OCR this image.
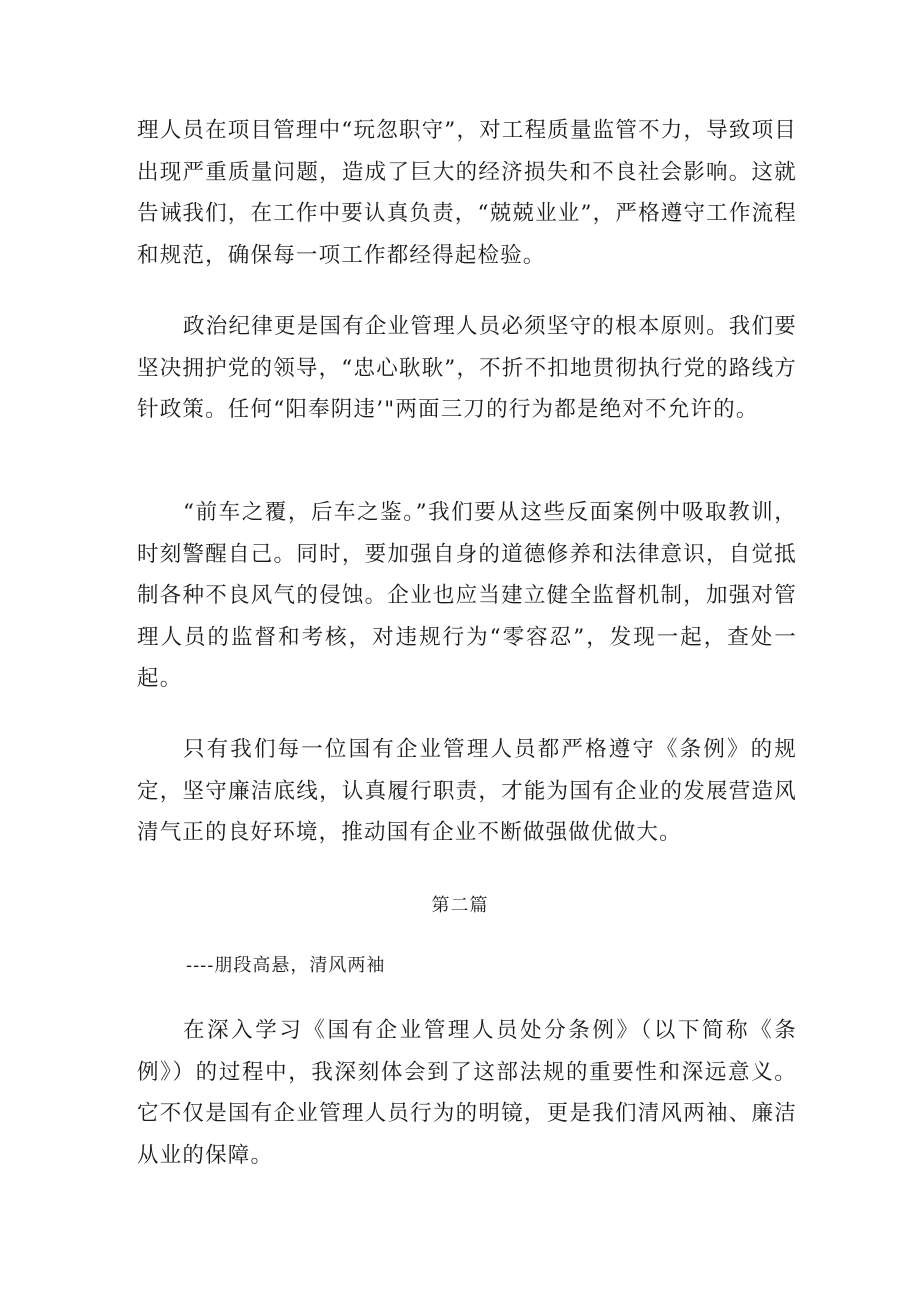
理人员在项目管理中“玩忽职守”，对工程质量监管不力，导致项目出现严重质量问题，造成了巨大的经济损失和不良社会影响。这就告诫我们，在工作中要认真负责，“兢兢业业”，严格遵守工作流程和规范，确保每一项工作都经得起检验。

政治纪律更是国有企业管理人员必须坚守的根本原则。我们要坚决拥护党的领导，“忠心耿耿”，不折不扣地贯彻执行党的路线方针政策。任何“阳奉阴违’"两面三刀的行为都是绝对不允许的。

“前车之覆，后车之鉴。”我们要从这些反面案例中吸取教训，时刻警醒自己。同时，要加强自身的道德修养和法律意识，自觉抵制各种不良风气的侵蚀。企业也应当建立健全监督机制，加强对管理人员的监督和考核，对违规行为“零容忍”，发现一起，查处一起。

只有我们每一位国有企业管理人员都严格遵守《条例》的规定，坚守廉洁底线，认真履行职责，才能为国有企业的发展营造风清气正的良好环境，推动国有企业不断做强做优做大。

第二篇

----朋段高悬，清风两袖

在深入学习《国有企业管理人员处分条例》（以下简称《条例》）的过程中，我深刻体会到了这部法规的重要性和深远意义。它不仅是国有企业管理人员行为的明镜，更是我们清风两袖、廉洁从业的保障。
